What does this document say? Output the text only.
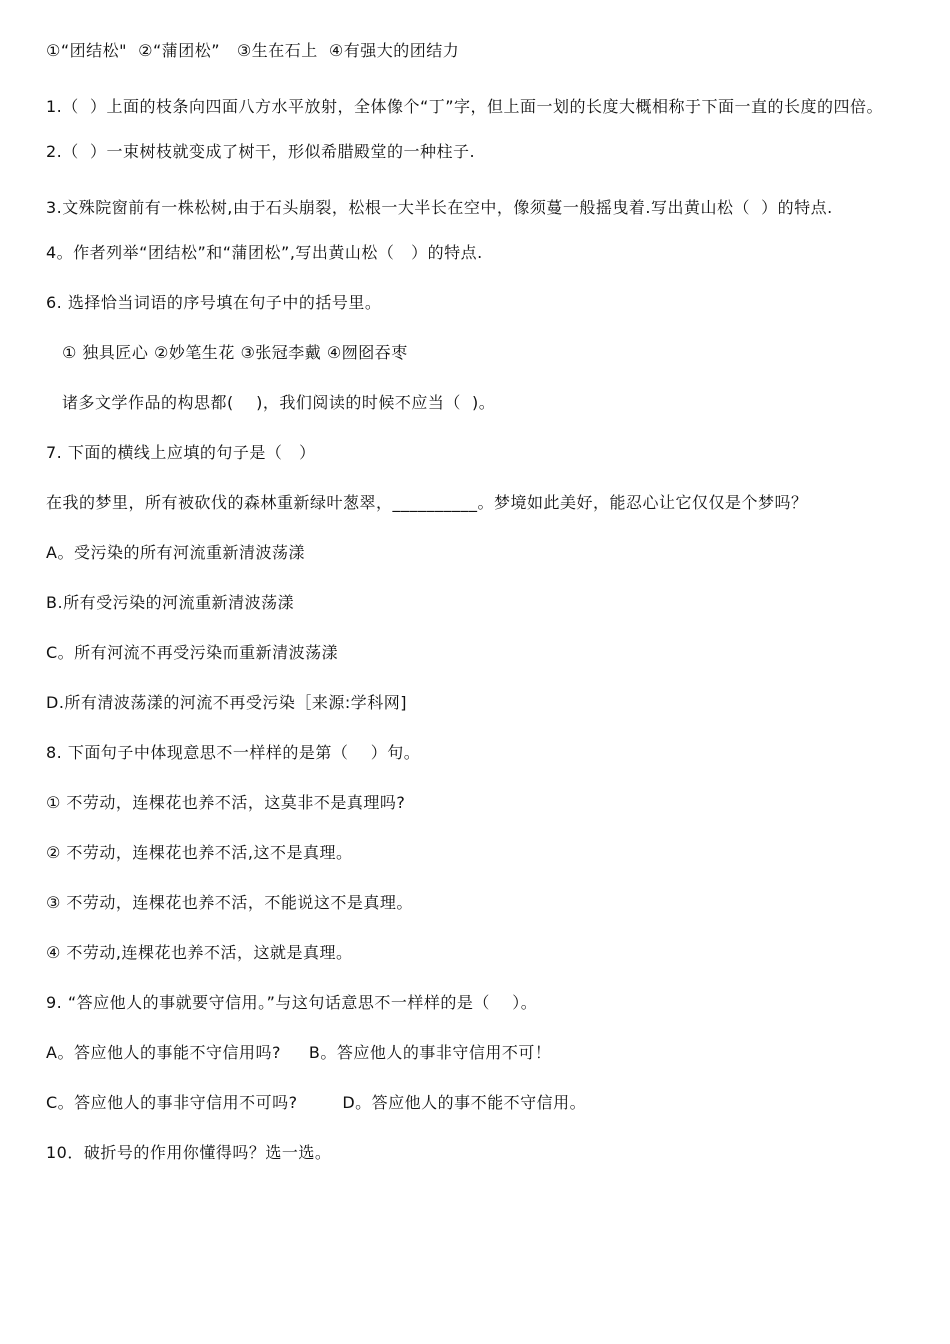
①“团结松"  ②“蒲团松”   ③生在石上  ④有强大的团结力

1.（  ）上面的枝条向四面八方水平放射，全体像个“丁”字，但上面一划的长度大概相称于下面一直的长度的四倍。

2.（  ）一束树枝就变成了树干，形似希腊殿堂的一种柱子.

3.文殊院窗前有一株松树,由于石头崩裂，松根一大半长在空中，像须蔓一般摇曳着.写出黄山松（  ）的特点.

4。作者列举“团结松”和“蒲团松”,写出黄山松（   ）的特点.

6. 选择恰当词语的序号填在句子中的括号里。

① 独具匠心 ②妙笔生花 ③张冠李戴 ④囫囵吞枣

诸多文学作品的构思都(    )，我们阅读的时候不应当（  )。

7. 下面的横线上应填的句子是（   ）

在我的梦里，所有被砍伐的森林重新绿叶葱翠，__________。梦境如此美好，能忍心让它仅仅是个梦吗？

A。受污染的所有河流重新清波荡漾

B.所有受污染的河流重新清波荡漾

C。所有河流不再受污染而重新清波荡漾

D.所有清波荡漾的河流不再受污染［来源:学科网]

8. 下面句子中体现意思不一样样的是第（    ）句。

① 不劳动，连棵花也养不活，这莫非不是真理吗?

② 不劳动，连棵花也养不活,这不是真理。

③ 不劳动，连棵花也养不活，不能说这不是真理。

④ 不劳动,连棵花也养不活，这就是真理。

9. “答应他人的事就要守信用。”与这句话意思不一样样的是（    ）。

A。答应他人的事能不守信用吗?     B。答应他人的事非守信用不可！

C。答应他人的事非守信用不可吗?        D。答应他人的事不能不守信用。

10．破折号的作用你懂得吗？选一选。
